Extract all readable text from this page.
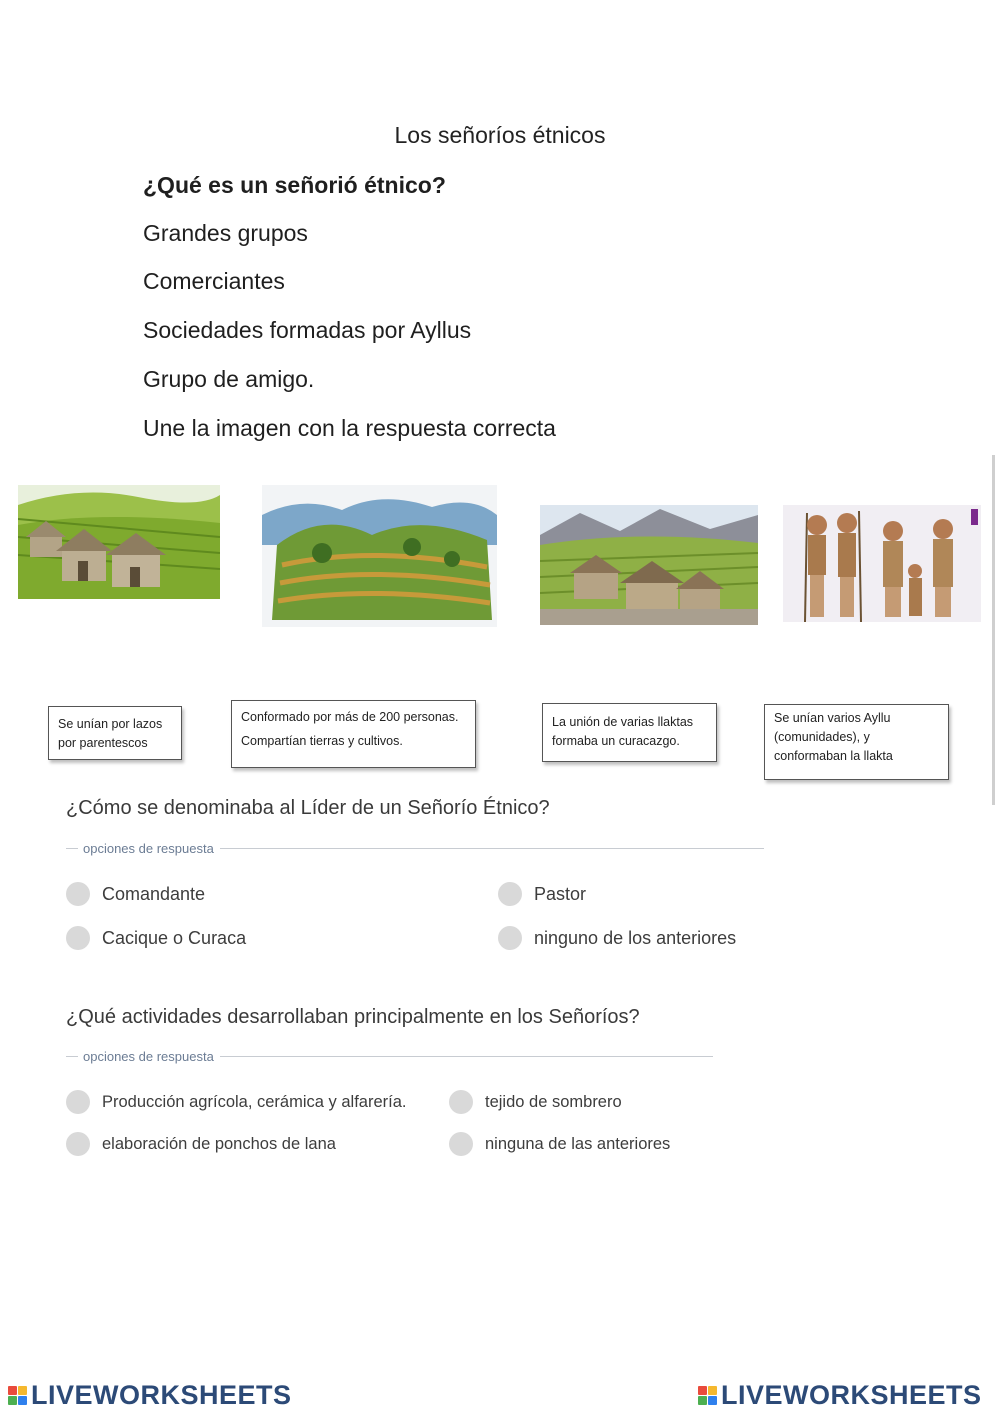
Los señoríos étnicos
¿Qué es un señorió étnico?
Grandes grupos
Comerciantes
Sociedades formadas por Ayllus
Grupo de amigo.
Une la imagen con la respuesta correcta

Se unían por lazos

por parentescos

Conformado por más de 200 personas.

Compartían tierras y cultivos.

La unión de varias llaktas

formaba un curacazgo.

Se unían varios Ayllu

(comunidades), y

conformaban la llakta

¿Cómo se denominaba al Líder de un Señorío Étnico?
opciones de respuesta
Comandante	Pastor
Cacique o Curaca	ninguno de los anteriores
¿Qué actividades desarrollaban principalmente en los Señoríos?
opciones de respuesta
Producción agrícola, cerámica y alfarería.	tejido de sombrero
elaboración de ponchos de lana	ninguna de las anteriores
LIVEWORKSHEETS	LIVEWORKSHEETS
